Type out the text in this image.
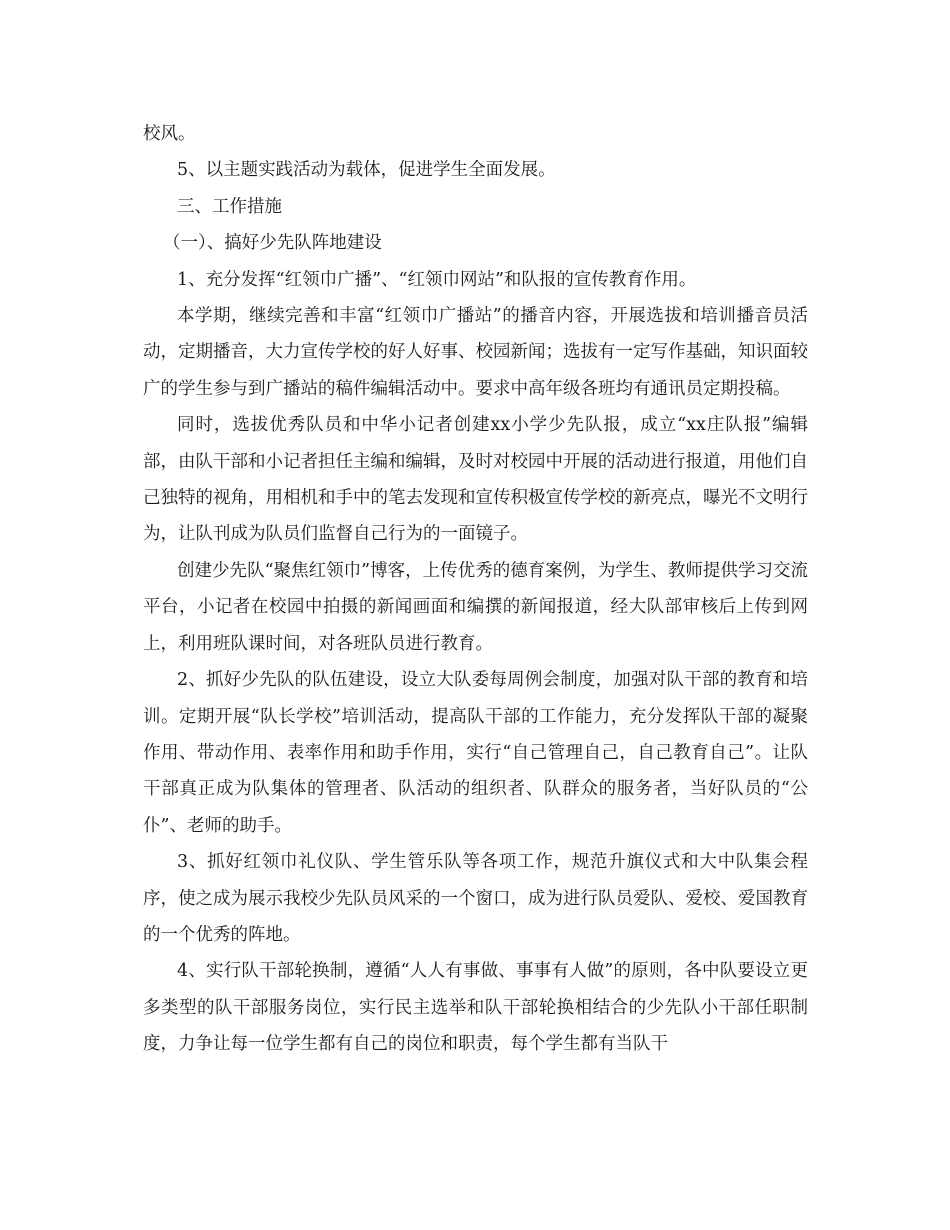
校风。

5、以主题实践活动为载体，促进学生全面发展。

三、工作措施

（一）、搞好少先队阵地建设

1、充分发挥“红领巾广播”、“红领巾网站”和队报的宣传教育作用。

本学期，继续完善和丰富“红领巾广播站”的播音内容，开展选拔和培训播音员活动，定期播音，大力宣传学校的好人好事、校园新闻；选拔有一定写作基础，知识面较广的学生参与到广播站的稿件编辑活动中。要求中高年级各班均有通讯员定期投稿。

同时，选拔优秀队员和中华小记者创建xx小学少先队报，成立“xx庄队报”编辑部，由队干部和小记者担任主编和编辑，及时对校园中开展的活动进行报道，用他们自己独特的视角，用相机和手中的笔去发现和宣传积极宣传学校的新亮点，曝光不文明行为，让队刊成为队员们监督自己行为的一面镜子。

创建少先队“聚焦红领巾”博客，上传优秀的德育案例，为学生、教师提供学习交流平台，小记者在校园中拍摄的新闻画面和编撰的新闻报道，经大队部审核后上传到网上，利用班队课时间，对各班队员进行教育。

2、抓好少先队的队伍建设，设立大队委每周例会制度，加强对队干部的教育和培训。定期开展“队长学校”培训活动，提高队干部的工作能力，充分发挥队干部的凝聚作用、带动作用、表率作用和助手作用，实行“自己管理自己，自己教育自己”。让队干部真正成为队集体的管理者、队活动的组织者、队群众的服务者，当好队员的“公仆”、老师的助手。

3、抓好红领巾礼仪队、学生管乐队等各项工作，规范升旗仪式和大中队集会程序，使之成为展示我校少先队员风采的一个窗口，成为进行队员爱队、爱校、爱国教育的一个优秀的阵地。

4、实行队干部轮换制，遵循“人人有事做、事事有人做”的原则，各中队要设立更多类型的队干部服务岗位，实行民主选举和队干部轮换相结合的少先队小干部任职制度，力争让每一位学生都有自己的岗位和职责，每个学生都有当队干
